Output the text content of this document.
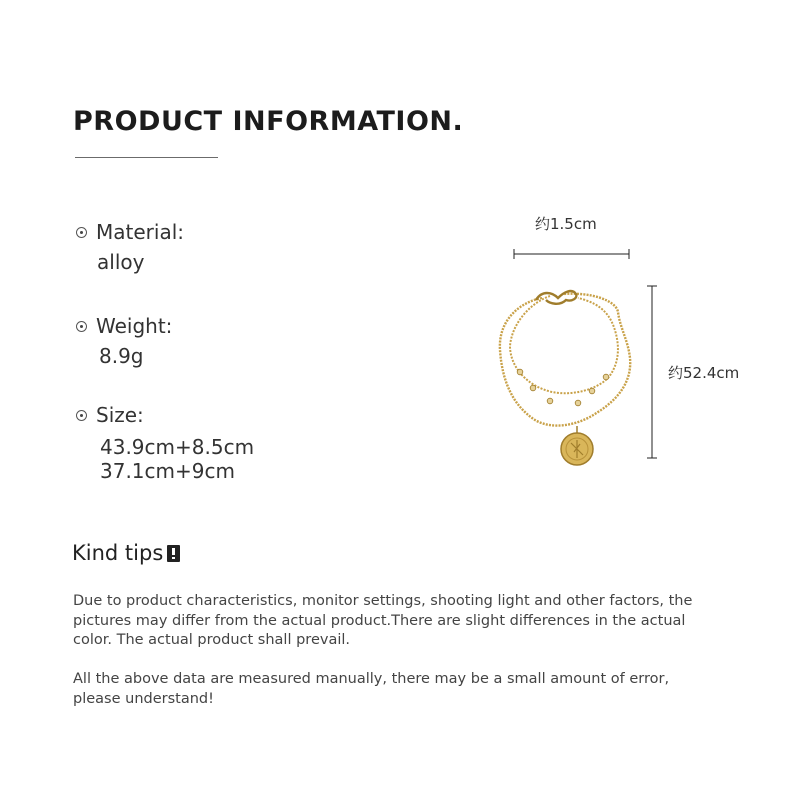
PRODUCT INFORMATION.
Material:
alloy
Weight:
8.9g
Size:
43.9cm+8.5cm
37.1cm+9cm
约1.5cm
约52.4cm
Kind tips
Due to product characteristics, monitor settings, shooting light and other factors, the pictures may differ from the actual product.There are slight differences in the actual color. The actual product shall prevail.
All the above data are measured manually, there may be a small amount of error, please understand!
